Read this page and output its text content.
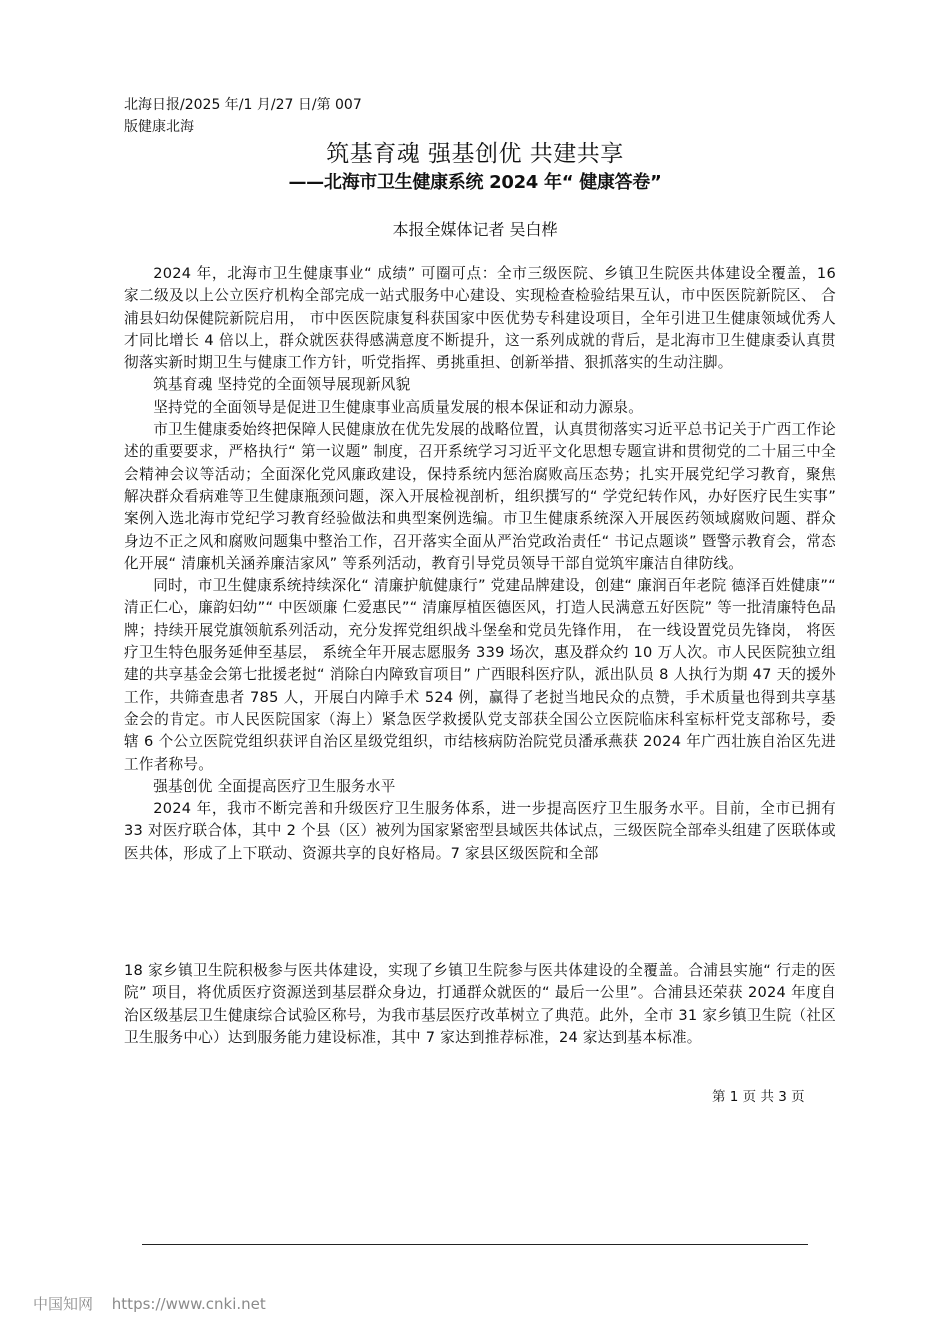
北海日报/2025 年/1 月/27 日/第 007
版健康北海
筑基育魂 强基创优 共建共享
——北海市卫生健康系统 2024 年“ 健康答卷”
本报全媒体记者 吴白桦

2024 年，北海市卫生健康事业“ 成绩” 可圈可点：全市三级医院、乡镇卫生院医共体建设全覆盖，16 家二级及以上公立医疗机构全部完成一站式服务中心建设、实现检查检验结果互认，市中医医院新院区、 合浦县妇幼保健院新院启用， 市中医医院康复科获国家中医优势专科建设项目，全年引进卫生健康领域优秀人才同比增长 4 倍以上，群众就医获得感满意度不断提升，这一系列成就的背后，是北海市卫生健康委认真贯彻落实新时期卫生与健康工作方针，听党指挥、勇挑重担、创新举措、狠抓落实的生动注脚。

筑基育魂 坚持党的全面领导展现新风貌

坚持党的全面领导是促进卫生健康事业高质量发展的根本保证和动力源泉。

市卫生健康委始终把保障人民健康放在优先发展的战略位置，认真贯彻落实习近平总书记关于广西工作论述的重要要求，严格执行“ 第一议题” 制度，召开系统学习习近平文化思想专题宣讲和贯彻党的二十届三中全会精神会议等活动；全面深化党风廉政建设，保持系统内惩治腐败高压态势；扎实开展党纪学习教育，聚焦解决群众看病难等卫生健康瓶颈问题，深入开展检视剖析，组织撰写的“ 学党纪转作风，办好医疗民生实事” 案例入选北海市党纪学习教育经验做法和典型案例选编。市卫生健康系统深入开展医药领域腐败问题、群众身边不正之风和腐败问题集中整治工作，召开落实全面从严治党政治责任“ 书记点题谈” 暨警示教育会，常态化开展“ 清廉机关涵养廉洁家风” 等系列活动，教育引导党员领导干部自觉筑牢廉洁自律防线。

同时，市卫生健康系统持续深化“ 清廉护航健康行” 党建品牌建设，创建“ 廉润百年老院 德泽百姓健康”“ 清正仁心，廉韵妇幼”“ 中医颂廉 仁爱惠民”“ 清廉厚植医德医风，打造人民满意五好医院” 等一批清廉特色品牌；持续开展党旗领航系列活动，充分发挥党组织战斗堡垒和党员先锋作用， 在一线设置党员先锋岗， 将医疗卫生特色服务延伸至基层， 系统全年开展志愿服务 339 场次，惠及群众约 10 万人次。市人民医院独立组建的共享基金会第七批援老挝“ 消除白内障致盲项目” 广西眼科医疗队，派出队员 8 人执行为期 47 天的援外工作，共筛查患者 785 人，开展白内障手术 524 例，赢得了老挝当地民众的点赞，手术质量也得到共享基金会的肯定。市人民医院国家（海上）紧急医学救援队党支部获全国公立医院临床科室标杆党支部称号，委辖 6 个公立医院党组织获评自治区星级党组织，市结核病防治院党员潘承燕获 2024 年广西壮族自治区先进工作者称号。

强基创优 全面提高医疗卫生服务水平

2024 年，我市不断完善和升级医疗卫生服务体系，进一步提高医疗卫生服务水平。目前，全市已拥有 33 对医疗联合体，其中 2 个县（区）被列为国家紧密型县域医共体试点，三级医院全部牵头组建了医联体或医共体，形成了上下联动、资源共享的良好格局。7 家县区级医院和全部

18 家乡镇卫生院积极参与医共体建设，实现了乡镇卫生院参与医共体建设的全覆盖。合浦县实施“ 行走的医院” 项目，将优质医疗资源送到基层群众身边，打通群众就医的“ 最后一公里”。合浦县还荣获 2024 年度自治区级基层卫生健康综合试验区称号，为我市基层医疗改革树立了典范。此外，全市 31 家乡镇卫生院（社区卫生服务中心）达到服务能力建设标准，其中 7 家达到推荐标准，24 家达到基本标准。

第 1 页 共 3 页
中国知网 https://www.cnki.net
